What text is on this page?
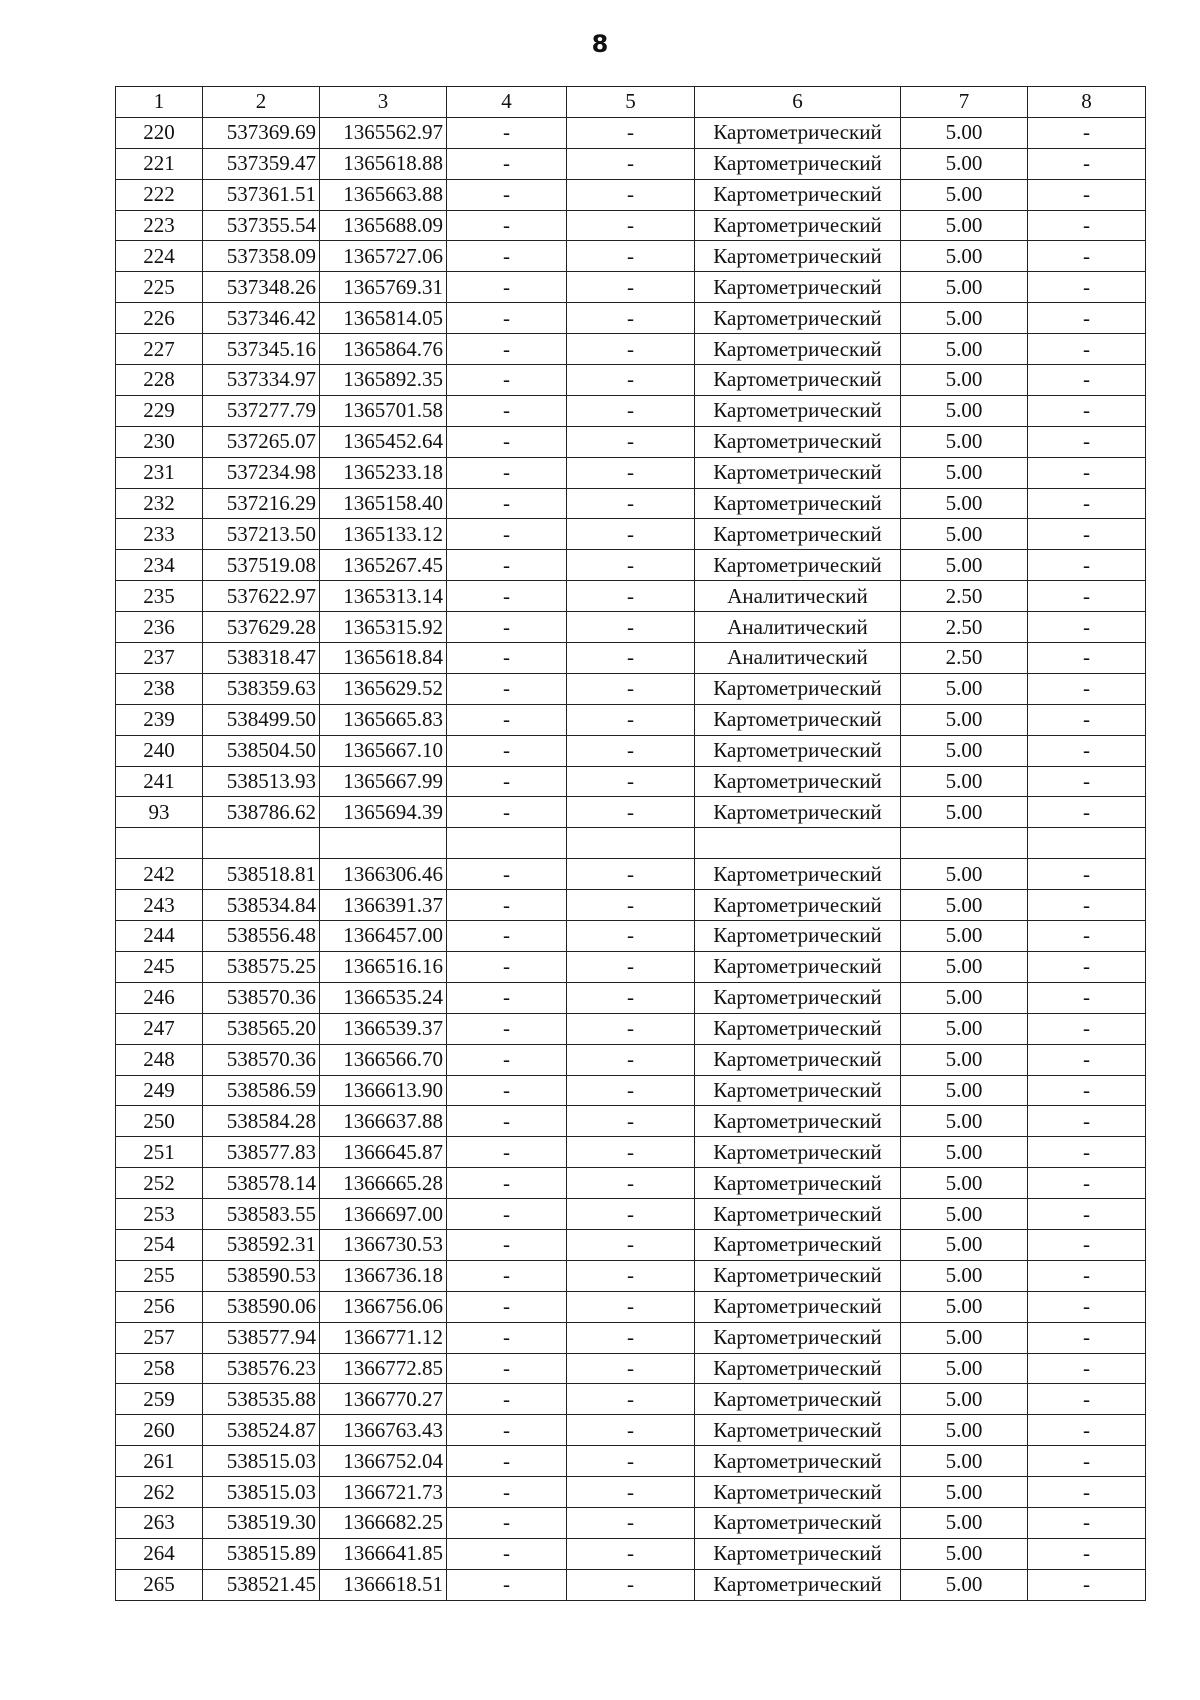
8
1	2	3	4	5	6	7	8
220	537369.69	1365562.97	-	-	Картометрический	5.00	-
221	537359.47	1365618.88	-	-	Картометрический	5.00	-
222	537361.51	1365663.88	-	-	Картометрический	5.00	-
223	537355.54	1365688.09	-	-	Картометрический	5.00	-
224	537358.09	1365727.06	-	-	Картометрический	5.00	-
225	537348.26	1365769.31	-	-	Картометрический	5.00	-
226	537346.42	1365814.05	-	-	Картометрический	5.00	-
227	537345.16	1365864.76	-	-	Картометрический	5.00	-
228	537334.97	1365892.35	-	-	Картометрический	5.00	-
229	537277.79	1365701.58	-	-	Картометрический	5.00	-
230	537265.07	1365452.64	-	-	Картометрический	5.00	-
231	537234.98	1365233.18	-	-	Картометрический	5.00	-
232	537216.29	1365158.40	-	-	Картометрический	5.00	-
233	537213.50	1365133.12	-	-	Картометрический	5.00	-
234	537519.08	1365267.45	-	-	Картометрический	5.00	-
235	537622.97	1365313.14	-	-	Аналитический	2.50	-
236	537629.28	1365315.92	-	-	Аналитический	2.50	-
237	538318.47	1365618.84	-	-	Аналитический	2.50	-
238	538359.63	1365629.52	-	-	Картометрический	5.00	-
239	538499.50	1365665.83	-	-	Картометрический	5.00	-
240	538504.50	1365667.10	-	-	Картометрический	5.00	-
241	538513.93	1365667.99	-	-	Картометрический	5.00	-
93	538786.62	1365694.39	-	-	Картометрический	5.00	-

242	538518.81	1366306.46	-	-	Картометрический	5.00	-
243	538534.84	1366391.37	-	-	Картометрический	5.00	-
244	538556.48	1366457.00	-	-	Картометрический	5.00	-
245	538575.25	1366516.16	-	-	Картометрический	5.00	-
246	538570.36	1366535.24	-	-	Картометрический	5.00	-
247	538565.20	1366539.37	-	-	Картометрический	5.00	-
248	538570.36	1366566.70	-	-	Картометрический	5.00	-
249	538586.59	1366613.90	-	-	Картометрический	5.00	-
250	538584.28	1366637.88	-	-	Картометрический	5.00	-
251	538577.83	1366645.87	-	-	Картометрический	5.00	-
252	538578.14	1366665.28	-	-	Картометрический	5.00	-
253	538583.55	1366697.00	-	-	Картометрический	5.00	-
254	538592.31	1366730.53	-	-	Картометрический	5.00	-
255	538590.53	1366736.18	-	-	Картометрический	5.00	-
256	538590.06	1366756.06	-	-	Картометрический	5.00	-
257	538577.94	1366771.12	-	-	Картометрический	5.00	-
258	538576.23	1366772.85	-	-	Картометрический	5.00	-
259	538535.88	1366770.27	-	-	Картометрический	5.00	-
260	538524.87	1366763.43	-	-	Картометрический	5.00	-
261	538515.03	1366752.04	-	-	Картометрический	5.00	-
262	538515.03	1366721.73	-	-	Картометрический	5.00	-
263	538519.30	1366682.25	-	-	Картометрический	5.00	-
264	538515.89	1366641.85	-	-	Картометрический	5.00	-
265	538521.45	1366618.51	-	-	Картометрический	5.00	-
